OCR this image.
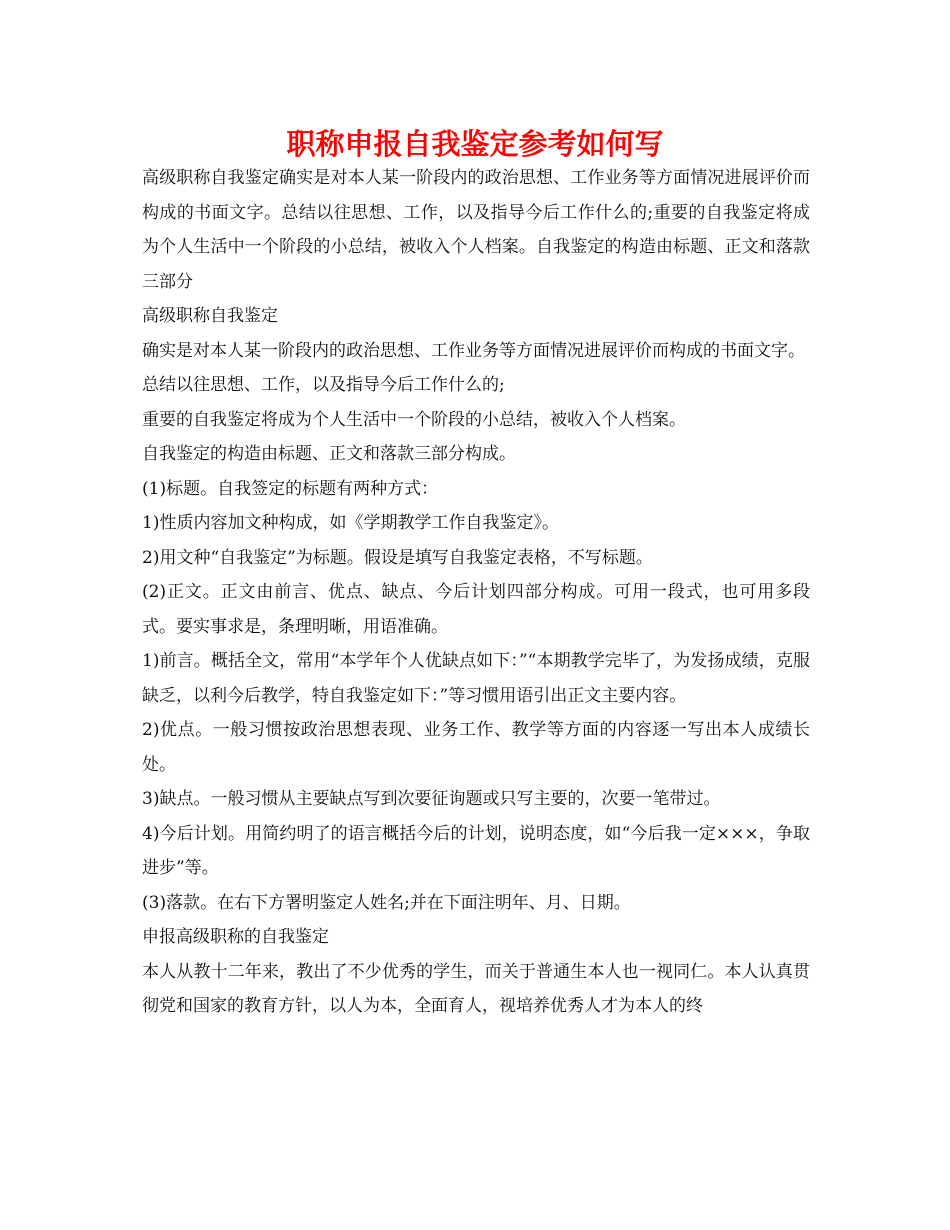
职称申报自我鉴定参考如何写

高级职称自我鉴定确实是对本人某一阶段内的政治思想、工作业务等方面情况进展评价而构成的书面文字。总结以往思想、工作，以及指导今后工作什么的;重要的自我鉴定将成为个人生活中一个阶段的小总结，被收入个人档案。自我鉴定的构造由标题、正文和落款三部分

高级职称自我鉴定

确实是对本人某一阶段内的政治思想、工作业务等方面情况进展评价而构成的书面文字。

总结以往思想、工作，以及指导今后工作什么的;

重要的自我鉴定将成为个人生活中一个阶段的小总结，被收入个人档案。

自我鉴定的构造由标题、正文和落款三部分构成。

(1)标题。自我签定的标题有两种方式：

1)性质内容加文种构成，如《学期教学工作自我鉴定》。

2)用文种“自我鉴定”为标题。假设是填写自我鉴定表格，不写标题。

(2)正文。正文由前言、优点、缺点、今后计划四部分构成。可用一段式，也可用多段式。要实事求是，条理明晰，用语准确。

1)前言。概括全文，常用“本学年个人优缺点如下：”“本期教学完毕了，为发扬成绩，克服缺乏，以利今后教学，特自我鉴定如下：”等习惯用语引出正文主要内容。

2)优点。一般习惯按政治思想表现、业务工作、教学等方面的内容逐一写出本人成绩长处。

3)缺点。一般习惯从主要缺点写到次要征询题或只写主要的，次要一笔带过。

4)今后计划。用简约明了的语言概括今后的计划，说明态度，如“今后我一定×××，争取进步”等。

(3)落款。在右下方署明鉴定人姓名;并在下面注明年、月、日期。

申报高级职称的自我鉴定

本人从教十二年来，教出了不少优秀的学生，而关于普通生本人也一视同仁。本人认真贯彻党和国家的教育方针，以人为本，全面育人，视培养优秀人才为本人的终
